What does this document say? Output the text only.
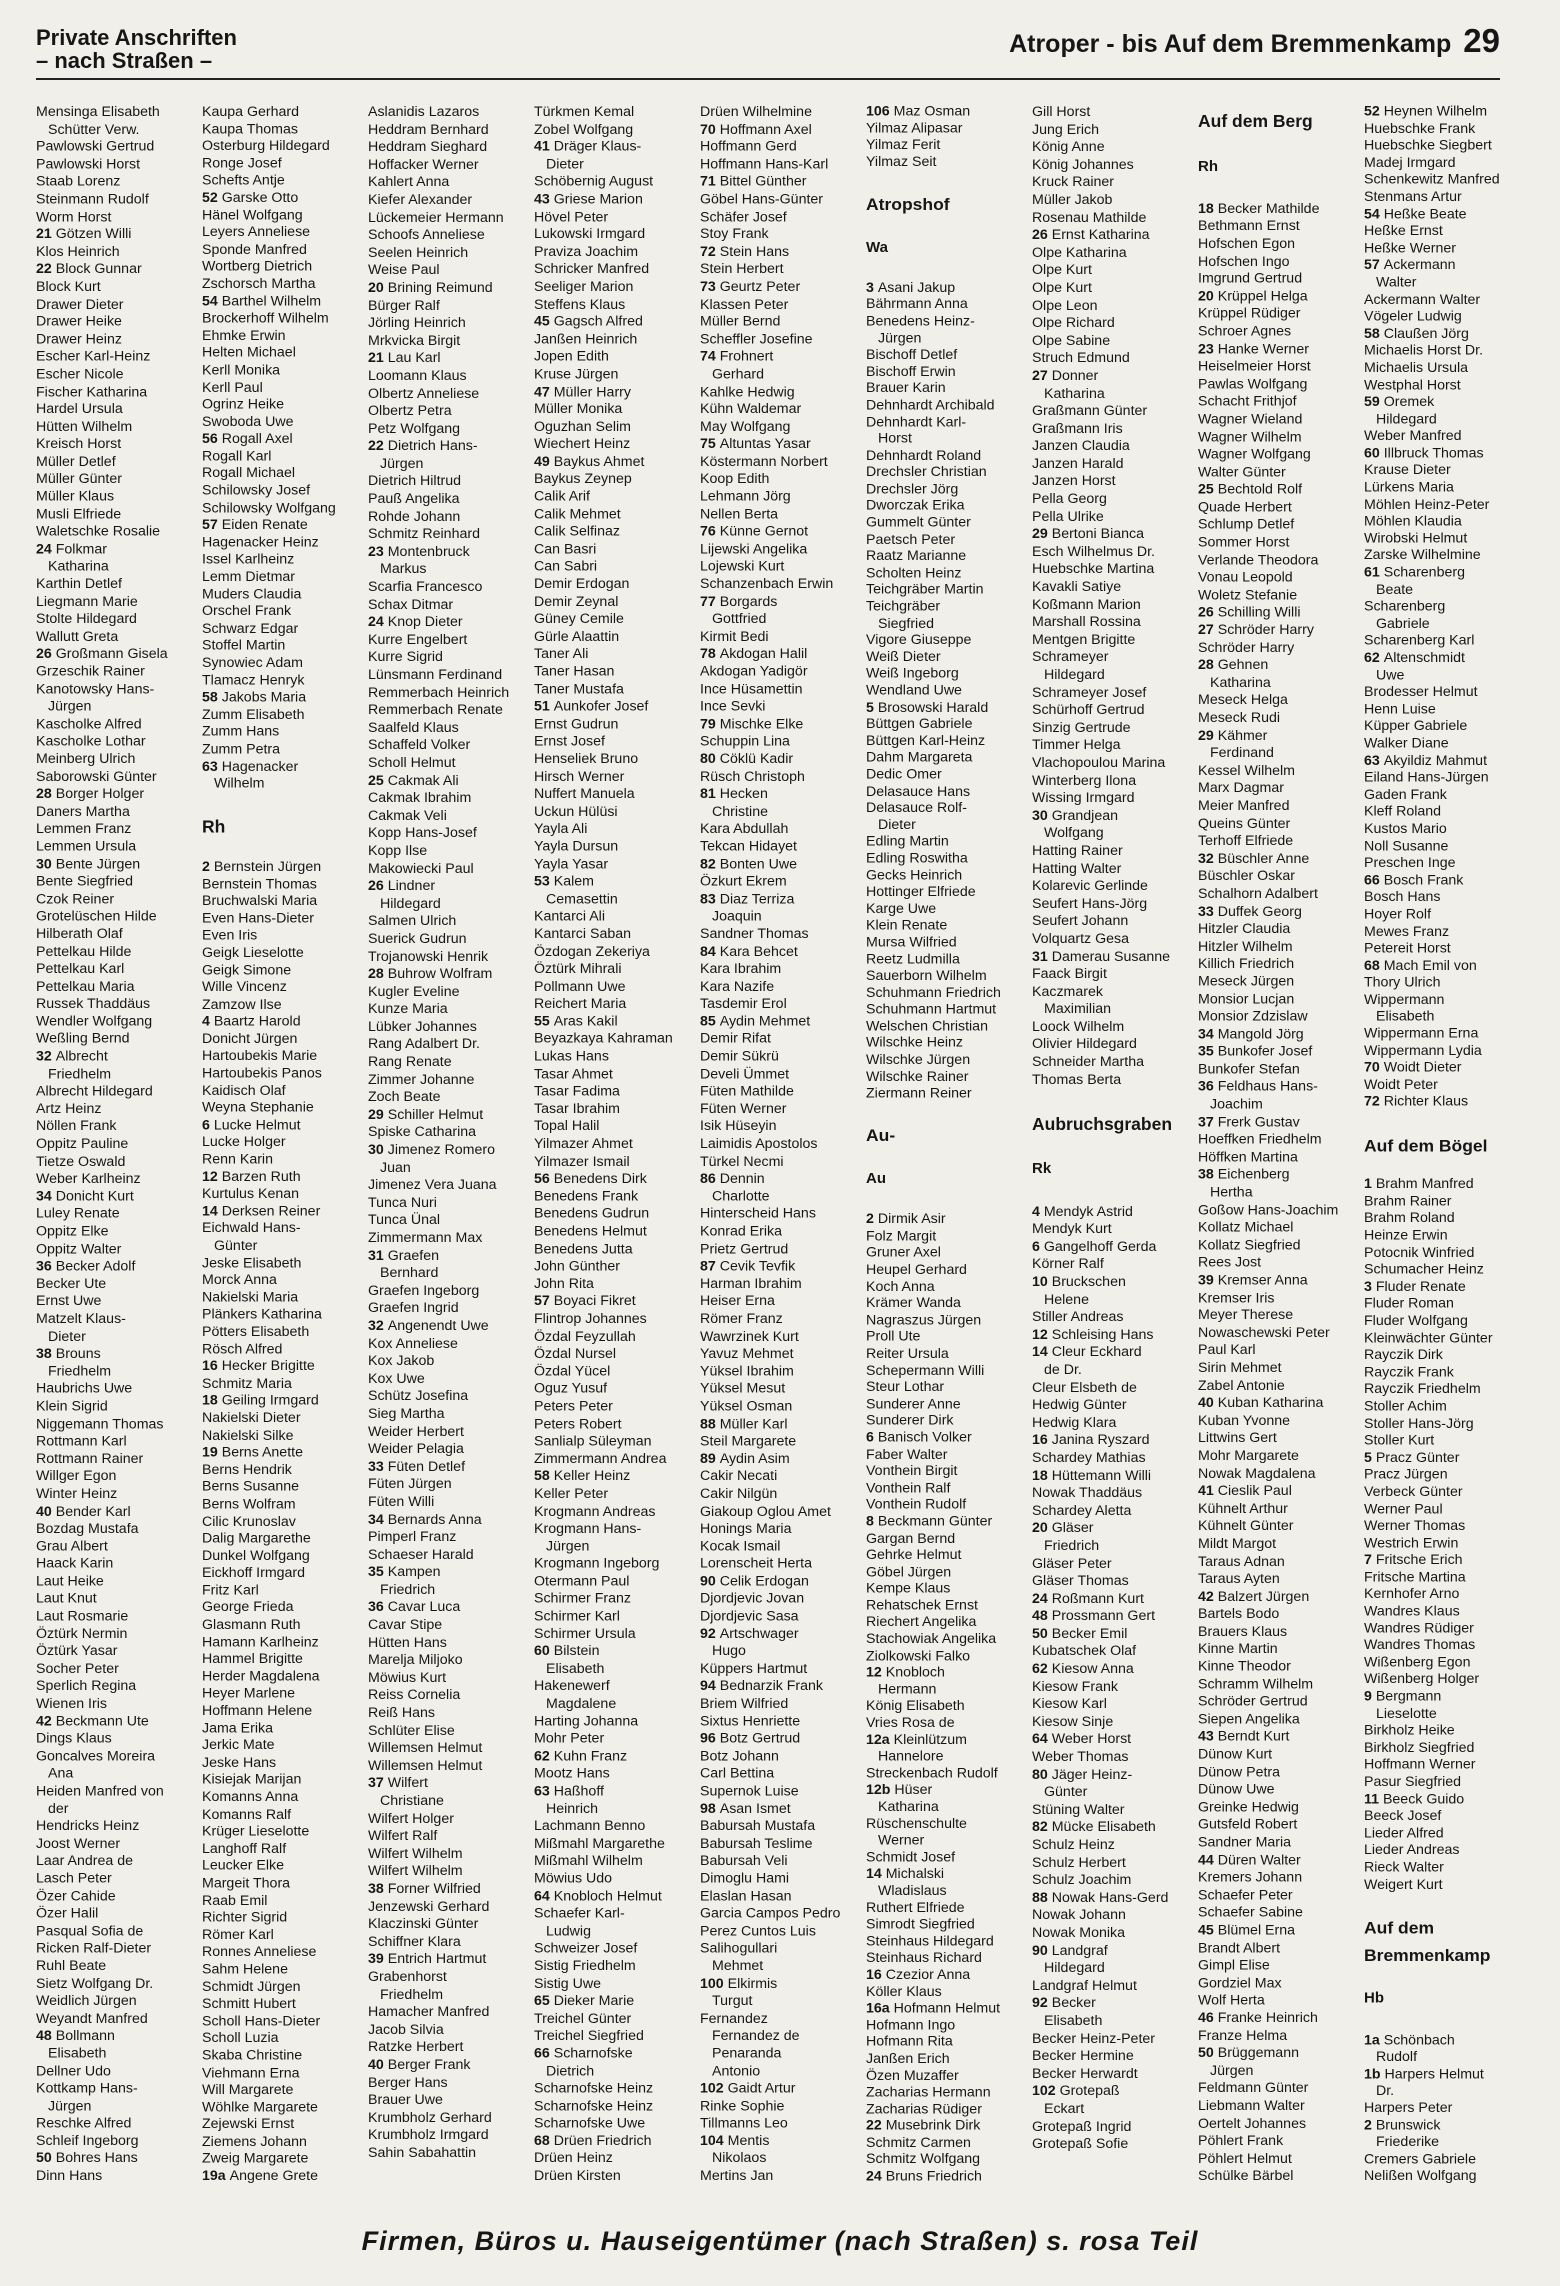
Private Anschriften
– nach Straßen –
Atroper - bis Auf dem Bremmenkamp 29
Mensinga Elisabeth
Schütter Verw.
Pawlowski Gertrud
Pawlowski Horst
Staab Lorenz
Steinmann Rudolf
Worm Horst
21 Götzen Willi
Klos Heinrich
22 Block Gunnar
Block Kurt
Drawer Dieter
Drawer Heike
Drawer Heinz
Escher Karl-Heinz
Escher Nicole
Fischer Katharina
Hardel Ursula
Hütten Wilhelm
Kreisch Horst
Müller Detlef
Müller Günter
Müller Klaus
Musli Elfriede
Waletschke Rosalie
24 Folkmar
Katharina
Karthin Detlef
Liegmann Marie
Stolte Hildegard
Wallutt Greta
26 Großmann Gisela
Grzeschik Rainer
Kanotowsky Hans-
Jürgen
Kascholke Alfred
Kascholke Lothar
Meinberg Ulrich
Saborowski Günter
28 Borger Holger
Daners Martha
Lemmen Franz
Lemmen Ursula
30 Bente Jürgen
Bente Siegfried
Czok Reiner
Grotelüschen Hilde
Hilberath Olaf
Pettelkau Hilde
Pettelkau Karl
Pettelkau Maria
Russek Thaddäus
Wendler Wolfgang
Weßling Bernd
32 Albrecht
Friedhelm
Albrecht Hildegard
Artz Heinz
Nöllen Frank
Oppitz Pauline
Tietze Oswald
Weber Karlheinz
34 Donicht Kurt
Luley Renate
Oppitz Elke
Oppitz Walter
36 Becker Adolf
Becker Ute
Ernst Uwe
Matzelt Klaus-
Dieter
38 Brouns
Friedhelm
Haubrichs Uwe
Klein Sigrid
Niggemann Thomas
Rottmann Karl
Rottmann Rainer
Willger Egon
Winter Heinz
40 Bender Karl
Bozdag Mustafa
Grau Albert
Haack Karin
Laut Heike
Laut Knut
Laut Rosmarie
Öztürk Nermin
Öztürk Yasar
Socher Peter
Sperlich Regina
Wienen Iris
42 Beckmann Ute
Dings Klaus
Goncalves Moreira
Ana
Heiden Manfred von
der
Hendricks Heinz
Joost Werner
Laar Andrea de
Lasch Peter
Özer Cahide
Özer Halil
Pasqual Sofia de
Ricken Ralf-Dieter
Ruhl Beate
Sietz Wolfgang Dr.
Weidlich Jürgen
Weyandt Manfred
48 Bollmann
Elisabeth
Dellner Udo
Kottkamp Hans-
Jürgen
Reschke Alfred
Schleif Ingeborg
50 Bohres Hans
Dinn Hans
Kaupa Gerhard
Kaupa Thomas
Osterburg Hildegard
Ronge Josef
Schefts Antje
52 Garske Otto
Hänel Wolfgang
Leyers Anneliese
Sponde Manfred
Wortberg Dietrich
Zschorsch Martha
54 Barthel Wilhelm
Brockerhoff Wilhelm
Ehmke Erwin
Helten Michael
Kerll Monika
Kerll Paul
Ogrinz Heike
Swoboda Uwe
56 Rogall Axel
Rogall Karl
Rogall Michael
Schilowsky Josef
Schilowsky Wolfgang
57 Eiden Renate
Hagenacker Heinz
Issel Karlheinz
Lemm Dietmar
Muders Claudia
Orschel Frank
Schwarz Edgar
Stoffel Martin
Synowiec Adam
Tlamacz Henryk
58 Jakobs Maria
Zumm Elisabeth
Zumm Hans
Zumm Petra
63 Hagenacker
Wilhelm

Rh

2 Bernstein Jürgen
Bernstein Thomas
Bruchwalski Maria
Even Hans-Dieter
Even Iris
Geigk Lieselotte
Geigk Simone
Wille Vincenz
Zamzow Ilse
4 Baartz Harold
Donicht Jürgen
Hartoubekis Marie
Hartoubekis Panos
Kaidisch Olaf
Weyna Stephanie
6 Lucke Helmut
Lucke Holger
Renn Karin
12 Barzen Ruth
Kurtulus Kenan
14 Derksen Reiner
Eichwald Hans-
Günter
Jeske Elisabeth
Morck Anna
Nakielski Maria
Plänkers Katharina
Pötters Elisabeth
Rösch Alfred
16 Hecker Brigitte
Schmitz Maria
18 Geiling Irmgard
Nakielski Dieter
Nakielski Silke
19 Berns Anette
Berns Hendrik
Berns Susanne
Berns Wolfram
Cilic Krunoslav
Dalig Margarethe
Dunkel Wolfgang
Eickhoff Irmgard
Fritz Karl
George Frieda
Glasmann Ruth
Hamann Karlheinz
Hammel Brigitte
Herder Magdalena
Heyer Marlene
Hoffmann Helene
Jama Erika
Jerkic Mate
Jeske Hans
Kisiejak Marijan
Komanns Anna
Komanns Ralf
Krüger Lieselotte
Langhoff Ralf
Leucker Elke
Margeit Thora
Raab Emil
Richter Sigrid
Römer Karl
Ronnes Anneliese
Sahm Helene
Schmidt Jürgen
Schmitt Hubert
Scholl Hans-Dieter
Scholl Luzia
Skaba Christine
Viehmann Erna
Will Margarete
Wöhlke Margarete
Zejewski Ernst
Ziemens Johann
Zweig Margarete
19a Angene Grete
Aslanidis Lazaros
Heddram Bernhard
Heddram Sieghard
Hoffacker Werner
Kahlert Anna
Kiefer Alexander
Lückemeier Hermann
Schoofs Anneliese
Seelen Heinrich
Weise Paul
20 Brining Reimund
Bürger Ralf
Jörling Heinrich
Mrkvicka Birgit
21 Lau Karl
Loomann Klaus
Olbertz Anneliese
Olbertz Petra
Petz Wolfgang
22 Dietrich Hans-
Jürgen
Dietrich Hiltrud
Pauß Angelika
Rohde Johann
Schmitz Reinhard
23 Montenbruck
Markus
Scarfia Francesco
Schax Ditmar
24 Knop Dieter
Kurre Engelbert
Kurre Sigrid
Lünsmann Ferdinand
Remmerbach Heinrich
Remmerbach Renate
Saalfeld Klaus
Schaffeld Volker
Scholl Helmut
25 Cakmak Ali
Cakmak Ibrahim
Cakmak Veli
Kopp Hans-Josef
Kopp Ilse
Makowiecki Paul
26 Lindner
Hildegard
Salmen Ulrich
Suerick Gudrun
Trojanowski Henrik
28 Buhrow Wolfram
Kugler Eveline
Kunze Maria
Lübker Johannes
Rang Adalbert Dr.
Rang Renate
Zimmer Johanne
Zoch Beate
29 Schiller Helmut
Spiske Catharina
30 Jimenez Romero
Juan
Jimenez Vera Juana
Tunca Nuri
Tunca Ünal
Zimmermann Max
31 Graefen
Bernhard
Graefen Ingeborg
Graefen Ingrid
32 Angenendt Uwe
Kox Anneliese
Kox Jakob
Kox Uwe
Schütz Josefina
Sieg Martha
Weider Herbert
Weider Pelagia
33 Füten Detlef
Füten Jürgen
Füten Willi
34 Bernards Anna
Pimperl Franz
Schaeser Harald
35 Kampen
Friedrich
36 Cavar Luca
Cavar Stipe
Hütten Hans
Marelja Miljoko
Möwius Kurt
Reiss Cornelia
Reiß Hans
Schlüter Elise
Willemsen Helmut
Willemsen Helmut
37 Wilfert
Christiane
Wilfert Holger
Wilfert Ralf
Wilfert Wilhelm
Wilfert Wilhelm
38 Forner Wilfried
Jenzewski Gerhard
Klaczinski Günter
Schiffner Klara
39 Entrich Hartmut
Grabenhorst
Friedhelm
Hamacher Manfred
Jacob Silvia
Ratzke Herbert
40 Berger Frank
Berger Hans
Brauer Uwe
Krumbholz Gerhard
Krumbholz Irmgard
Sahin Sabahattin
Türkmen Kemal
Zobel Wolfgang
41 Dräger Klaus-
Dieter
Schöbernig August
43 Griese Marion
Hövel Peter
Lukowski Irmgard
Praviza Joachim
Schricker Manfred
Seeliger Marion
Steffens Klaus
45 Gagsch Alfred
Janßen Heinrich
Jopen Edith
Kruse Jürgen
47 Müller Harry
Müller Monika
Oguzhan Selim
Wiechert Heinz
49 Baykus Ahmet
Baykus Zeynep
Calik Arif
Calik Mehmet
Calik Selfinaz
Can Basri
Can Sabri
Demir Erdogan
Demir Zeynal
Güney Cemile
Gürle Alaattin
Taner Ali
Taner Hasan
Taner Mustafa
51 Aunkofer Josef
Ernst Gudrun
Ernst Josef
Henseliek Bruno
Hirsch Werner
Nuffert Manuela
Uckun Hülüsi
Yayla Ali
Yayla Dursun
Yayla Yasar
53 Kalem
Cemasettin
Kantarci Ali
Kantarci Saban
Özdogan Zekeriya
Öztürk Mihrali
Pollmann Uwe
Reichert Maria
55 Aras Kakil
Beyazkaya Kahraman
Lukas Hans
Tasar Ahmet
Tasar Fadima
Tasar Ibrahim
Topal Halil
Yilmazer Ahmet
Yilmazer Ismail
56 Benedens Dirk
Benedens Frank
Benedens Gudrun
Benedens Helmut
Benedens Jutta
John Günther
John Rita
57 Boyaci Fikret
Flintrop Johannes
Özdal Feyzullah
Özdal Nursel
Özdal Yücel
Oguz Yusuf
Peters Peter
Peters Robert
Sanlialp Süleyman
Zimmermann Andrea
58 Keller Heinz
Keller Peter
Krogmann Andreas
Krogmann Hans-
Jürgen
Krogmann Ingeborg
Otermann Paul
Schirmer Franz
Schirmer Karl
Schirmer Ursula
60 Bilstein
Elisabeth
Hakenewerf
Magdalene
Harting Johanna
Mohr Peter
62 Kuhn Franz
Mootz Hans
63 Haßhoff
Heinrich
Lachmann Benno
Mißmahl Margarethe
Mißmahl Wilhelm
Möwius Udo
64 Knobloch Helmut
Schaefer Karl-
Ludwig
Schweizer Josef
Sistig Friedhelm
Sistig Uwe
65 Dieker Marie
Treichel Günter
Treichel Siegfried
66 Scharnofske
Dietrich
Scharnofske Heinz
Scharnofske Heinz
Scharnofske Uwe
68 Drüen Friedrich
Drüen Heinz
Drüen Kirsten
Drüen Wilhelmine
70 Hoffmann Axel
Hoffmann Gerd
Hoffmann Hans-Karl
71 Bittel Günther
Göbel Hans-Günter
Schäfer Josef
Stoy Frank
72 Stein Hans
Stein Herbert
73 Geurtz Peter
Klassen Peter
Müller Bernd
Scheffler Josefine
74 Frohnert
Gerhard
Kahlke Hedwig
Kühn Waldemar
May Wolfgang
75 Altuntas Yasar
Köstermann Norbert
Koop Edith
Lehmann Jörg
Nellen Berta
76 Künne Gernot
Lijewski Angelika
Lojewski Kurt
Schanzenbach Erwin
77 Borgards
Gottfried
Kirmit Bedi
78 Akdogan Halil
Akdogan Yadigör
Ince Hüsamettin
Ince Sevki
79 Mischke Elke
Schuppin Lina
80 Cöklü Kadir
Rüsch Christoph
81 Hecken
Christine
Kara Abdullah
Tekcan Hidayet
82 Bonten Uwe
Özkurt Ekrem
83 Diaz Terriza
Joaquin
Sandner Thomas
84 Kara Behcet
Kara Ibrahim
Kara Nazife
Tasdemir Erol
85 Aydin Mehmet
Demir Rifat
Demir Sükrü
Develi Ümmet
Füten Mathilde
Füten Werner
Isik Hüseyin
Laimidis Apostolos
Türkel Necmi
86 Dennin
Charlotte
Hinterscheid Hans
Konrad Erika
Prietz Gertrud
87 Cevik Tevfik
Harman Ibrahim
Heiser Erna
Römer Franz
Wawrzinek Kurt
Yavuz Mehmet
Yüksel Ibrahim
Yüksel Mesut
Yüksel Osman
88 Müller Karl
Steil Margarete
89 Aydin Asim
Cakir Necati
Cakir Nilgün
Giakoup Oglou Amet
Honings Maria
Kocak Ismail
Lorenscheit Herta
90 Celik Erdogan
Djordjevic Jovan
Djordjevic Sasa
92 Artschwager
Hugo
Küppers Hartmut
94 Bednarzik Frank
Briem Wilfried
Sixtus Henriette
96 Botz Gertrud
Botz Johann
Carl Bettina
Supernok Luise
98 Asan Ismet
Babursah Mustafa
Babursah Teslime
Babursah Veli
Dimoglu Hami
Elaslan Hasan
Garcia Campos Pedro
Perez Cuntos Luis
Salihogullari
Mehmet
100 Elkirmis
Turgut
Fernandez
Fernandez de
Penaranda
Antonio
102 Gaidt Artur
Rinke Sophie
Tillmanns Leo
104 Mentis
Nikolaos
Mertins Jan
106 Maz Osman
Yilmaz Alipasar
Yilmaz Ferit
Yilmaz Seit

Atropshof

Wa

3 Asani Jakup
Bährmann Anna
Benedens Heinz-
Jürgen
Bischoff Detlef
Bischoff Erwin
Brauer Karin
Dehnhardt Archibald
Dehnhardt Karl-
Horst
Dehnhardt Roland
Drechsler Christian
Drechsler Jörg
Dworczak Erika
Gummelt Günter
Paetsch Peter
Raatz Marianne
Scholten Heinz
Teichgräber Martin
Teichgräber
Siegfried
Vigore Giuseppe
Weiß Dieter
Weiß Ingeborg
Wendland Uwe
5 Brosowski Harald
Büttgen Gabriele
Büttgen Karl-Heinz
Dahm Margareta
Dedic Omer
Delasauce Hans
Delasauce Rolf-
Dieter
Edling Martin
Edling Roswitha
Gecks Heinrich
Hottinger Elfriede
Karge Uwe
Klein Renate
Mursa Wilfried
Reetz Ludmilla
Sauerborn Wilhelm
Schuhmann Friedrich
Schuhmann Hartmut
Welschen Christian
Wilschke Heinz
Wilschke Jürgen
Wilschke Rainer
Ziermann Reiner

Au-

Au

2 Dirmik Asir
Folz Margit
Gruner Axel
Heupel Gerhard
Koch Anna
Krämer Wanda
Nagraszus Jürgen
Proll Ute
Reiter Ursula
Schepermann Willi
Steur Lothar
Sunderer Anne
Sunderer Dirk
6 Banisch Volker
Faber Walter
Vonthein Birgit
Vonthein Ralf
Vonthein Rudolf
8 Beckmann Günter
Gargan Bernd
Gehrke Helmut
Göbel Jürgen
Kempe Klaus
Rehatschek Ernst
Riechert Angelika
Stachowiak Angelika
Ziolkowski Falko
12 Knobloch
Hermann
König Elisabeth
Vries Rosa de
12a Kleinlützum
Hannelore
Streckenbach Rudolf
12b Hüser
Katharina
Rüschenschulte
Werner
Schmidt Josef
14 Michalski
Wladislaus
Ruthert Elfriede
Simrodt Siegfried
Steinhaus Hildegard
Steinhaus Richard
16 Czezior Anna
Köller Klaus
16a Hofmann Helmut
Hofmann Ingo
Hofmann Rita
Janßen Erich
Özen Muzaffer
Zacharias Hermann
Zacharias Rüdiger
22 Musebrink Dirk
Schmitz Carmen
Schmitz Wolfgang
24 Bruns Friedrich
Gill Horst
Jung Erich
König Anne
König Johannes
Kruck Rainer
Müller Jakob
Rosenau Mathilde
26 Ernst Katharina
Olpe Katharina
Olpe Kurt
Olpe Kurt
Olpe Leon
Olpe Richard
Olpe Sabine
Struch Edmund
27 Donner
Katharina
Graßmann Günter
Graßmann Iris
Janzen Claudia
Janzen Harald
Janzen Horst
Pella Georg
Pella Ulrike
29 Bertoni Bianca
Esch Wilhelmus Dr.
Huebschke Martina
Kavakli Satiye
Koßmann Marion
Marshall Rossina
Mentgen Brigitte
Schrameyer
Hildegard
Schrameyer Josef
Schürhoff Gertrud
Sinzig Gertrude
Timmer Helga
Vlachopoulou Marina
Winterberg Ilona
Wissing Irmgard
30 Grandjean
Wolfgang
Hatting Rainer
Hatting Walter
Kolarevic Gerlinde
Seufert Hans-Jörg
Seufert Johann
Volquartz Gesa
31 Damerau Susanne
Faack Birgit
Kaczmarek
Maximilian
Loock Wilhelm
Olivier Hildegard
Schneider Martha
Thomas Berta

Aubruchsgraben

Rk

4 Mendyk Astrid
Mendyk Kurt
6 Gangelhoff Gerda
Körner Ralf
10 Bruckschen
Helene
Stiller Andreas
12 Schleising Hans
14 Cleur Eckhard
de Dr.
Cleur Elsbeth de
Hedwig Günter
Hedwig Klara
16 Janina Ryszard
Schardey Mathias
18 Hüttemann Willi
Nowak Thaddäus
Schardey Aletta
20 Gläser
Friedrich
Gläser Peter
Gläser Thomas
24 Roßmann Kurt
48 Prossmann Gert
50 Becker Emil
Kubatschek Olaf
62 Kiesow Anna
Kiesow Frank
Kiesow Karl
Kiesow Sinje
64 Weber Horst
Weber Thomas
80 Jäger Heinz-
Günter
Stüning Walter
82 Mücke Elisabeth
Schulz Heinz
Schulz Herbert
Schulz Joachim
88 Nowak Hans-Gerd
Nowak Johann
Nowak Monika
90 Landgraf
Hildegard
Landgraf Helmut
92 Becker
Elisabeth
Becker Heinz-Peter
Becker Hermine
Becker Herwardt
102 Grotepaß
Eckart
Grotepaß Ingrid
Grotepaß Sofie
Auf dem Berg

Rh

18 Becker Mathilde
Bethmann Ernst
Hofschen Egon
Hofschen Ingo
Imgrund Gertrud
20 Krüppel Helga
Krüppel Rüdiger
Schroer Agnes
23 Hanke Werner
Heiselmeier Horst
Pawlas Wolfgang
Schacht Frithjof
Wagner Wieland
Wagner Wilhelm
Wagner Wolfgang
Walter Günter
25 Bechtold Rolf
Quade Herbert
Schlump Detlef
Sommer Horst
Verlande Theodora
Vonau Leopold
Woletz Stefanie
26 Schilling Willi
27 Schröder Harry
Schröder Harry
28 Gehnen
Katharina
Meseck Helga
Meseck Rudi
29 Kähmer
Ferdinand
Kessel Wilhelm
Marx Dagmar
Meier Manfred
Queins Günter
Terhoff Elfriede
32 Büschler Anne
Büschler Oskar
Schalhorn Adalbert
33 Duffek Georg
Hitzler Claudia
Hitzler Wilhelm
Killich Friedrich
Meseck Jürgen
Monsior Lucjan
Monsior Zdzislaw
34 Mangold Jörg
35 Bunkofer Josef
Bunkofer Stefan
36 Feldhaus Hans-
Joachim
37 Frerk Gustav
Hoeffken Friedhelm
Höffken Martina
38 Eichenberg
Hertha
Goßow Hans-Joachim
Kollatz Michael
Kollatz Siegfried
Rees Jost
39 Kremser Anna
Kremser Iris
Meyer Therese
Nowaschewski Peter
Paul Karl
Sirin Mehmet
Zabel Antonie
40 Kuban Katharina
Kuban Yvonne
Littwins Gert
Mohr Margarete
Nowak Magdalena
41 Cieslik Paul
Kühnelt Arthur
Kühnelt Günter
Mildt Margot
Taraus Adnan
Taraus Ayten
42 Balzert Jürgen
Bartels Bodo
Brauers Klaus
Kinne Martin
Kinne Theodor
Schramm Wilhelm
Schröder Gertrud
Siepen Angelika
43 Berndt Kurt
Dünow Kurt
Dünow Petra
Dünow Uwe
Greinke Hedwig
Gutsfeld Robert
Sandner Maria
44 Düren Walter
Kremers Johann
Schaefer Peter
Schaefer Sabine
45 Blümel Erna
Brandt Albert
Gimpl Elise
Gordziel Max
Wolf Herta
46 Franke Heinrich
Franze Helma
50 Brüggemann
Jürgen
Feldmann Günter
Liebmann Walter
Oertelt Johannes
Pöhlert Frank
Pöhlert Helmut
Schülke Bärbel
52 Heynen Wilhelm
Huebschke Frank
Huebschke Siegbert
Madej Irmgard
Schenkewitz Manfred
Stenmans Artur
54 Heßke Beate
Heßke Ernst
Heßke Werner
57 Ackermann
Walter
Ackermann Walter
Vögeler Ludwig
58 Claußen Jörg
Michaelis Horst Dr.
Michaelis Ursula
Westphal Horst
59 Oremek
Hildegard
Weber Manfred
60 Illbruck Thomas
Krause Dieter
Lürkens Maria
Möhlen Heinz-Peter
Möhlen Klaudia
Wirobski Helmut
Zarske Wilhelmine
61 Scharenberg
Beate
Scharenberg
Gabriele
Scharenberg Karl
62 Altenschmidt
Uwe
Brodesser Helmut
Henn Luise
Küpper Gabriele
Walker Diane
63 Akyildiz Mahmut
Eiland Hans-Jürgen
Gaden Frank
Kleff Roland
Kustos Mario
Noll Susanne
Preschen Inge
66 Bosch Frank
Bosch Hans
Hoyer Rolf
Mewes Franz
Petereit Horst
68 Mach Emil von
Thory Ulrich
Wippermann
Elisabeth
Wippermann Erna
Wippermann Lydia
70 Woidt Dieter
Woidt Peter
72 Richter Klaus

Auf dem Bögel

1 Brahm Manfred
Brahm Rainer
Brahm Roland
Heinze Erwin
Potocnik Winfried
Schumacher Heinz
3 Fluder Renate
Fluder Roman
Fluder Wolfgang
Kleinwächter Günter
Rayczik Dirk
Rayczik Frank
Rayczik Friedhelm
Stoller Achim
Stoller Hans-Jörg
Stoller Kurt
5 Pracz Günter
Pracz Jürgen
Verbeck Günter
Werner Paul
Werner Thomas
Westrich Erwin
7 Fritsche Erich
Fritsche Martina
Kernhofer Arno
Wandres Klaus
Wandres Rüdiger
Wandres Thomas
Wißenberg Egon
Wißenberg Holger
9 Bergmann
Lieselotte
Birkholz Heike
Birkholz Siegfried
Hoffmann Werner
Pasur Siegfried
11 Beeck Guido
Beeck Josef
Lieder Alfred
Lieder Andreas
Rieck Walter
Weigert Kurt

Auf dem
Bremmenkamp

Hb

1a Schönbach
Rudolf
1b Harpers Helmut
Dr.
Harpers Peter
2 Brunswick
Friederike
Cremers Gabriele
Nelißen Wolfgang
Firmen, Büros u. Hauseigentümer (nach Straßen) s. rosa Teil
